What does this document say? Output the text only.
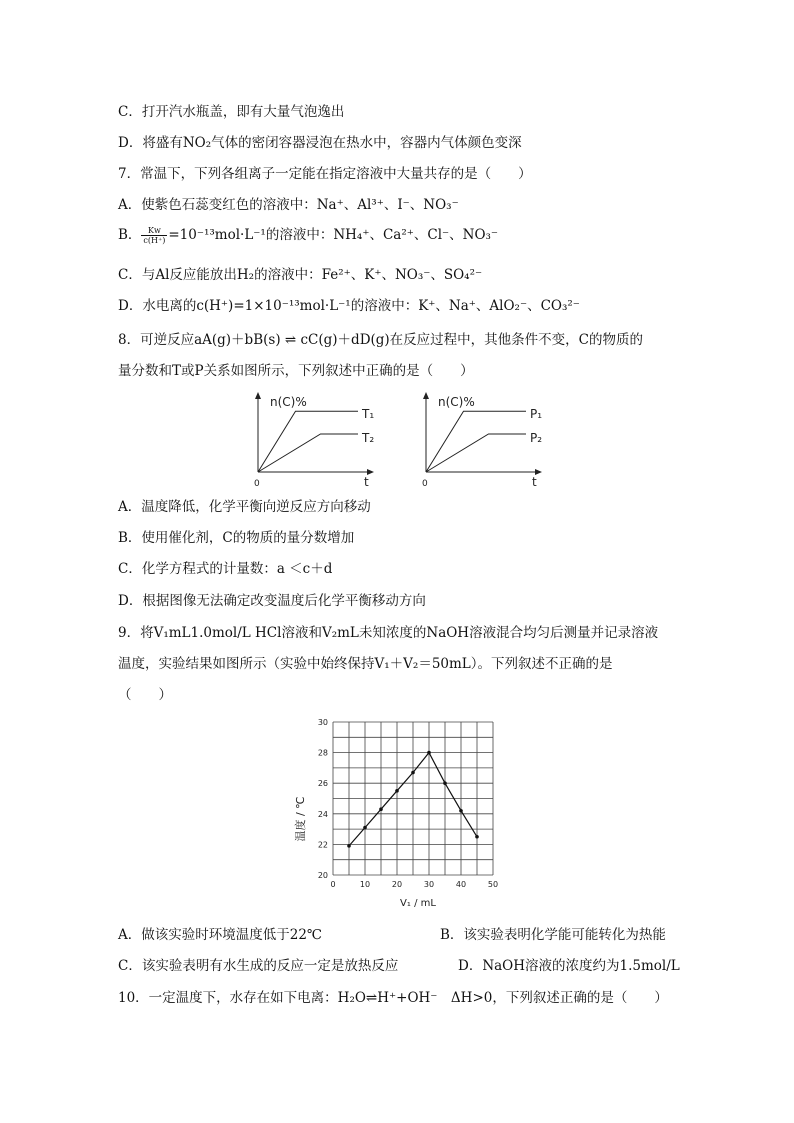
C．打开汽水瓶盖，即有大量气泡逸出
D．将盛有NO₂气体的密闭容器浸泡在热水中，容器内气体颜色变深
7．常温下，下列各组离子一定能在指定溶液中大量共存的是（　　）
A．使紫色石蕊变红色的溶液中：Na⁺、Al³⁺、I⁻、NO₃⁻
B． $\frac{Kw}{c(H^+)} =10^{-13}mol\cdot L^{-1}$的溶液中：NH₄⁺、Ca²⁺、Cl⁻、NO₃⁻
C．与Al反应能放出H₂的溶液中：Fe²⁺、K⁺、NO₃⁻、SO₄²⁻
D．水电离的c(H⁺)=1×10⁻¹³mol·L⁻¹的溶液中：K⁺、Na⁺、AlO₂⁻、CO₃²⁻
8．可逆反应aA(g)＋bB(s) ⇌ cC(g)＋dD(g)在反应过程中，其他条件不变，C的物质的
量分数和T或P关系如图所示，下列叙述中正确的是（　　）
n(C)%
0	t
T₁
T₂
n(C)%
0	t
P₁
P₂
A．温度降低，化学平衡向逆反应方向移动
B．使用催化剂，C的物质的量分数增加
C．化学方程式的计量数：a ＜c＋d
D．根据图像无法确定改变温度后化学平衡移动方向
9．将V₁mL1.0mol/L HCl溶液和V₂mL未知浓度的NaOH溶液混合均匀后测量并记录溶液
温度，实验结果如图所示（实验中始终保持V₁＋V₂＝50mL）。下列叙述不正确的是
（　　）
0	10	20	30	40	50
20
22
24
26
28
30
温度 / ℃
V₁ / mL
A．做该实验时环境温度低于22℃	B．该实验表明化学能可能转化为热能
C．该实验表明有水生成的反应一定是放热反应	D．NaOH溶液的浓度约为1.5mol/L
10．一定温度下，水存在如下电离：H₂O⇌H⁺+OH⁻　ΔH>0，下列叙述正确的是（　　）
